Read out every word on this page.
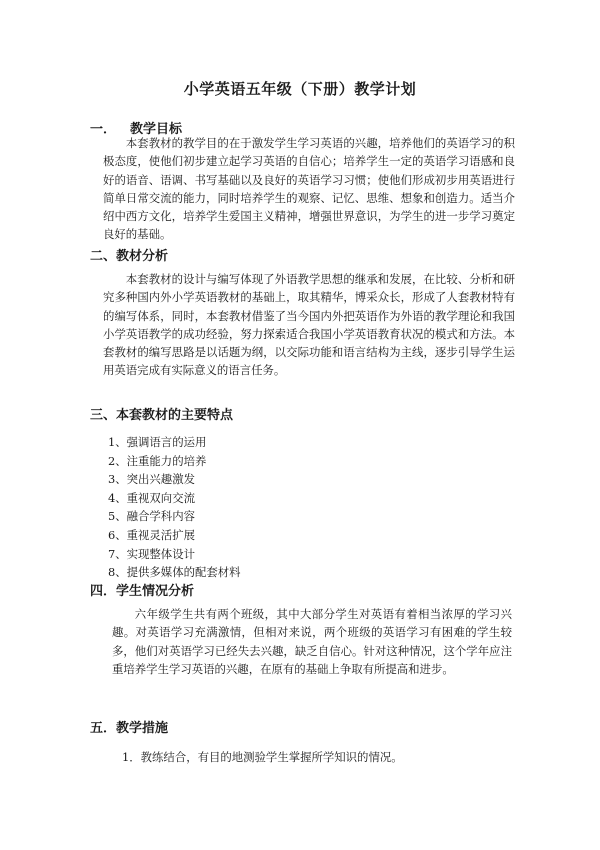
小学英语五年级（下册）教学计划
一． 教学目标

本套教材的教学目的在于激发学生学习英语的兴趣，培养他们的英语学习的积极态度，使他们初步建立起学习英语的自信心；培养学生一定的英语学习语感和良好的语音、语调、书写基础以及良好的英语学习习惯；使他们形成初步用英语进行简单日常交流的能力，同时培养学生的观察、记忆、思维、想象和创造力。适当介绍中西方文化，培养学生爱国主义精神，增强世界意识，为学生的进一步学习奠定良好的基础。

二、教材分析

本套教材的设计与编写体现了外语教学思想的继承和发展，在比较、分析和研究多种国内外小学英语教材的基础上，取其精华，博采众长，形成了人套教材特有的编写体系，同时，本套教材借鉴了当今国内外把英语作为外语的教学理论和我国小学英语教学的成功经验，努力探索适合我国小学英语教育状况的模式和方法。本套教材的编写思路是以话题为纲，以交际功能和语言结构为主线，逐步引导学生运用英语完成有实际意义的语言任务。

三、本套教材的主要特点
1、强调语言的运用
2、注重能力的培养
3、突出兴趣激发
4、重视双向交流
5、融合学科内容
6、重视灵活扩展
7、实现整体设计
8、提供多媒体的配套材料
四．学生情况分析

六年级学生共有两个班级，其中大部分学生对英语有着相当浓厚的学习兴趣。对英语学习充满激情，但相对来说，两个班级的英语学习有困难的学生较多，他们对英语学习已经失去兴趣，缺乏自信心。针对这种情况，这个学年应注重培养学生学习英语的兴趣，在原有的基础上争取有所提高和进步。

五．教学措施
1．教练结合，有目的地测验学生掌握所学知识的情况。
